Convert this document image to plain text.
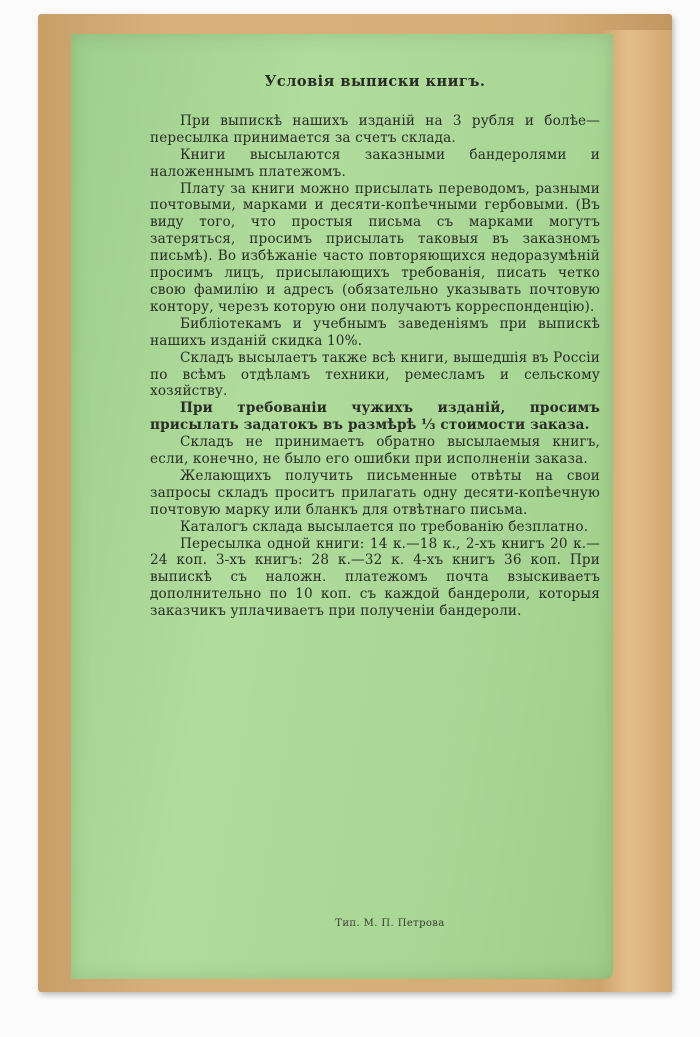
Условія выписки книгъ.

При выпискѣ нашихъ изданій на 3 рубля и болѣе—пересылка принимается за счетъ склада.

Книги высылаются заказными бандеролями и наложеннымъ платежомъ.

Плату за книги можно присылать переводомъ, разными почтовыми, марками и десяти-копѣечными гербовыми. (Въ виду того, что простыя письма съ марками могутъ затеряться, просимъ присылать таковыя въ заказномъ письмѣ). Во избѣжаніе часто повторяющихся недоразумѣній просимъ лицъ, присылающихъ требованія, писать четко свою фамилію и адресъ (обязательно указывать почтовую контору, черезъ которую они получаютъ корреспонденцію).

Библіотекамъ и учебнымъ заведеніямъ при выпискѣ нашихъ изданій скидка 10%.

Складъ высылаетъ также всѣ книги, вышедшія въ Россіи по всѣмъ отдѣламъ техники, ремесламъ и сельскому хозяйству.

При требованіи чужихъ изданій, просимъ присылать задатокъ въ размѣрѣ ⅓ стоимости заказа.

Складъ не принимаетъ обратно высылаемыя книгъ, если, конечно, не было его ошибки при исполненіи заказа.

Желающихъ получить письменные отвѣты на свои запросы складъ проситъ прилагать одну десяти-копѣечную почтовую марку или бланкъ для отвѣтнаго письма.

Каталогъ склада высылается по требованію безплатно.

Пересылка одной книги: 14 к.—18 к., 2-хъ книгъ 20 к.—24 коп. 3-хъ книгъ: 28 к.—32 к. 4-хъ книгъ 36 коп. При выпискѣ съ наложн. платежомъ почта взыскиваетъ дополнительно по 10 коп. съ каждой бандероли, которыя заказчикъ уплачиваетъ при полученіи бандероли.

Тип. М. П. Петрова
